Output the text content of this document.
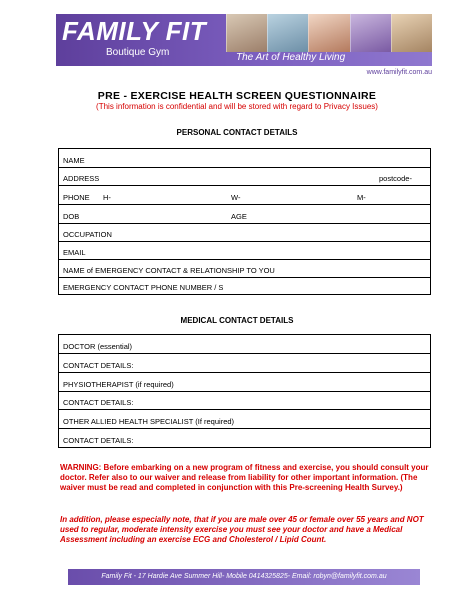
FAMILY FIT
Boutique Gym	The Art of Healthy Living
www.familyfit.com.au
PRE - EXERCISE HEALTH SCREEN QUESTIONNAIRE
(This information is confidential and will be stored with regard to Privacy Issues)
PERSONAL CONTACT DETAILS
NAME
ADDRESS	postcode-
PHONE H-	W-	M-
DOB	AGE
OCCUPATION
EMAIL
NAME of EMERGENCY CONTACT & RELATIONSHIP TO YOU
EMERGENCY CONTACT PHONE NUMBER / S
MEDICAL CONTACT DETAILS
DOCTOR (essential)
CONTACT DETAILS:
PHYSIOTHERAPIST (if required)
CONTACT DETAILS:
OTHER ALLIED HEALTH SPECIALIST (If required)
CONTACT DETAILS:
WARNING: Before embarking on a new program of fitness and exercise, you should consult your doctor. Refer also to our waiver and release from liability for other important information. (The waiver must be read and completed in conjunction with this Pre-screening Health Survey.)
In addition, please especially note, that if you are male over 45 or female over 55 years and NOT used to regular, moderate intensity exercise you must see your doctor and have a Medical Assessment including an exercise ECG and Cholesterol / Lipid Count.
Family Fit - 17 Hardie Ave Summer Hill- Mobile 0414325825- Email: robyn@familyfit.com.au
